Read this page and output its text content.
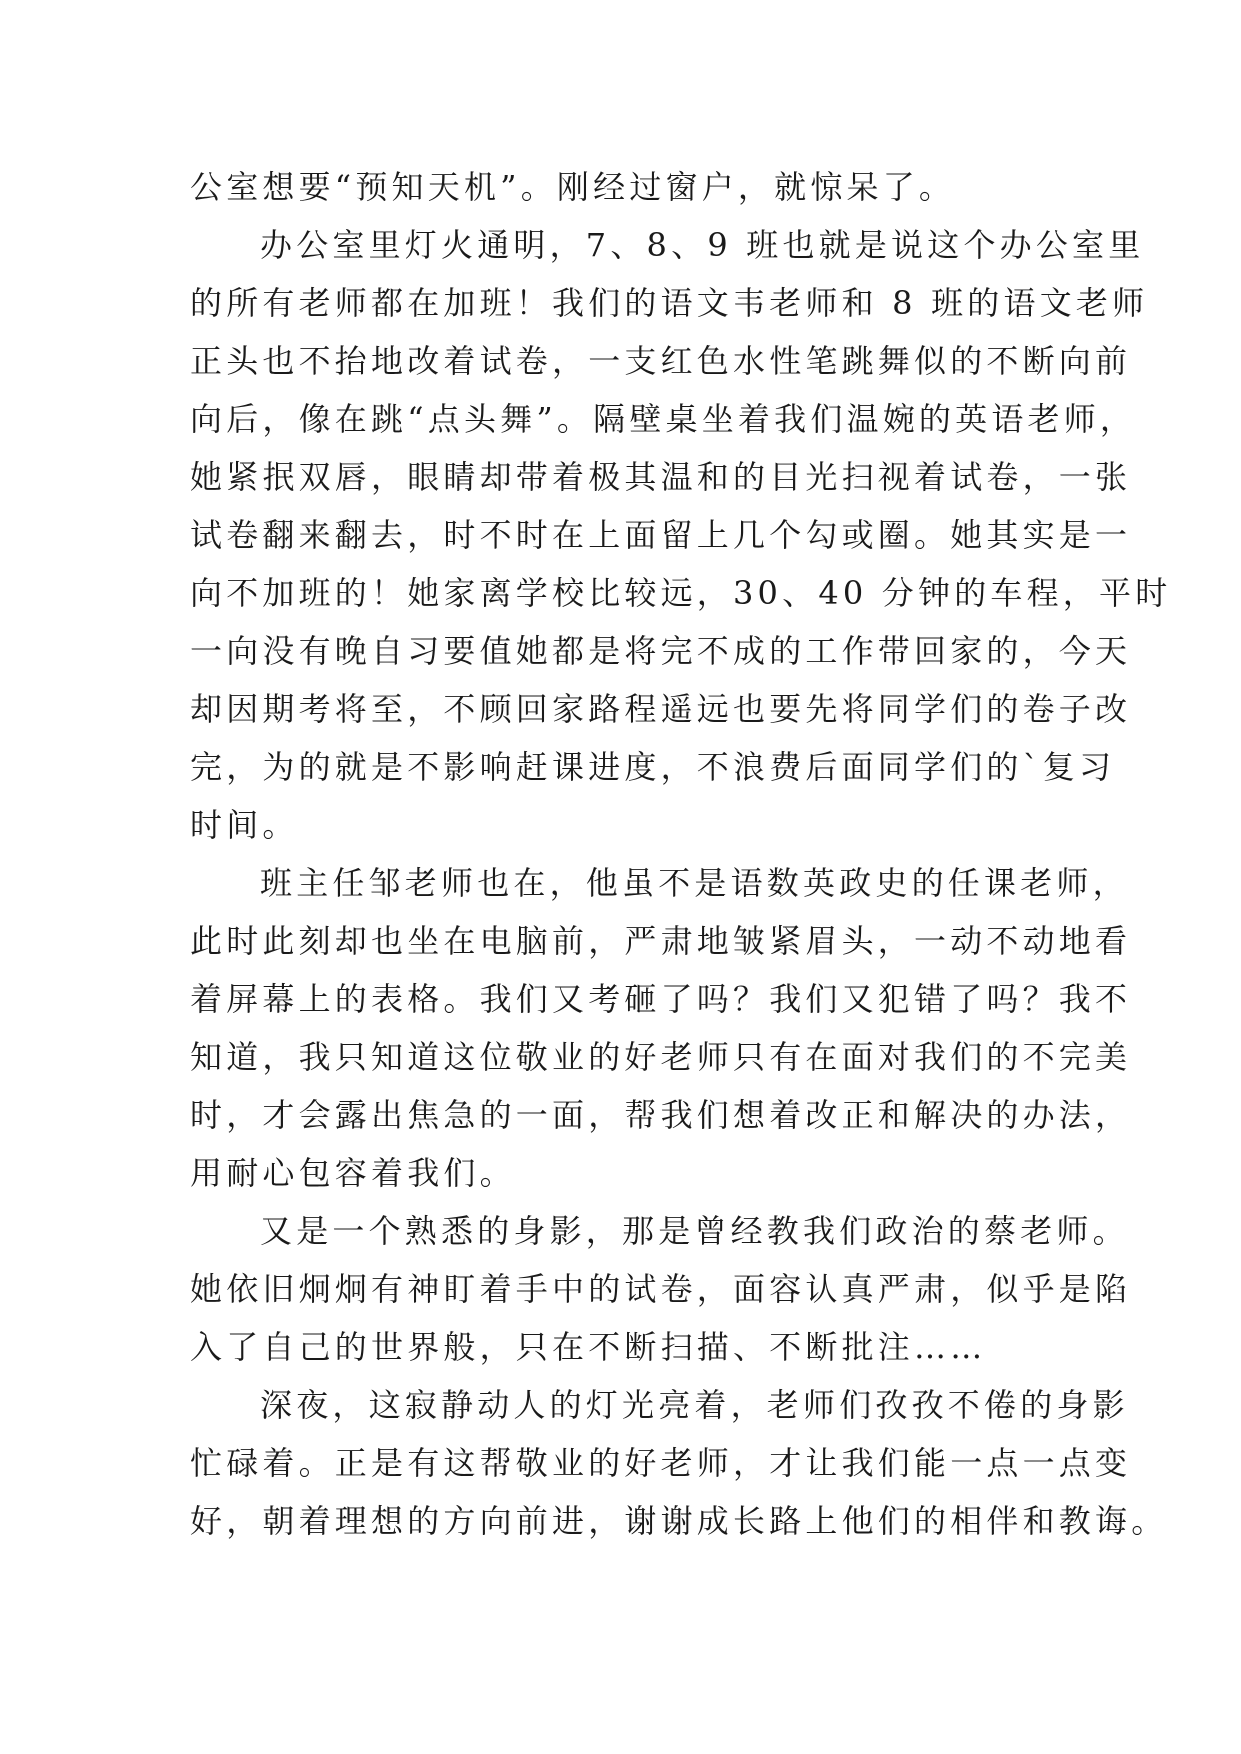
公室想要“预知天机”。刚经过窗户，就惊呆了。
办公室里灯火通明，7、8、9 班也就是说这个办公室里
的所有老师都在加班！我们的语文韦老师和 8 班的语文老师
正头也不抬地改着试卷，一支红色水性笔跳舞似的不断向前
向后，像在跳“点头舞”。隔壁桌坐着我们温婉的英语老师，
她紧抿双唇，眼睛却带着极其温和的目光扫视着试卷，一张
试卷翻来翻去，时不时在上面留上几个勾或圈。她其实是一
向不加班的！她家离学校比较远，30、40 分钟的车程，平时
一向没有晚自习要值她都是将完不成的工作带回家的，今天
却因期考将至，不顾回家路程遥远也要先将同学们的卷子改
完，为的就是不影响赶课进度，不浪费后面同学们的`复习
时间。
班主任邹老师也在，他虽不是语数英政史的任课老师，
此时此刻却也坐在电脑前，严肃地皱紧眉头，一动不动地看
着屏幕上的表格。我们又考砸了吗？我们又犯错了吗？我不
知道，我只知道这位敬业的好老师只有在面对我们的不完美
时，才会露出焦急的一面，帮我们想着改正和解决的办法，
用耐心包容着我们。
又是一个熟悉的身影，那是曾经教我们政治的蔡老师。
她依旧炯炯有神盯着手中的试卷，面容认真严肃，似乎是陷
入了自己的世界般，只在不断扫描、不断批注……
深夜，这寂静动人的灯光亮着，老师们孜孜不倦的身影
忙碌着。正是有这帮敬业的好老师，才让我们能一点一点变
好，朝着理想的方向前进，谢谢成长路上他们的相伴和教诲。
